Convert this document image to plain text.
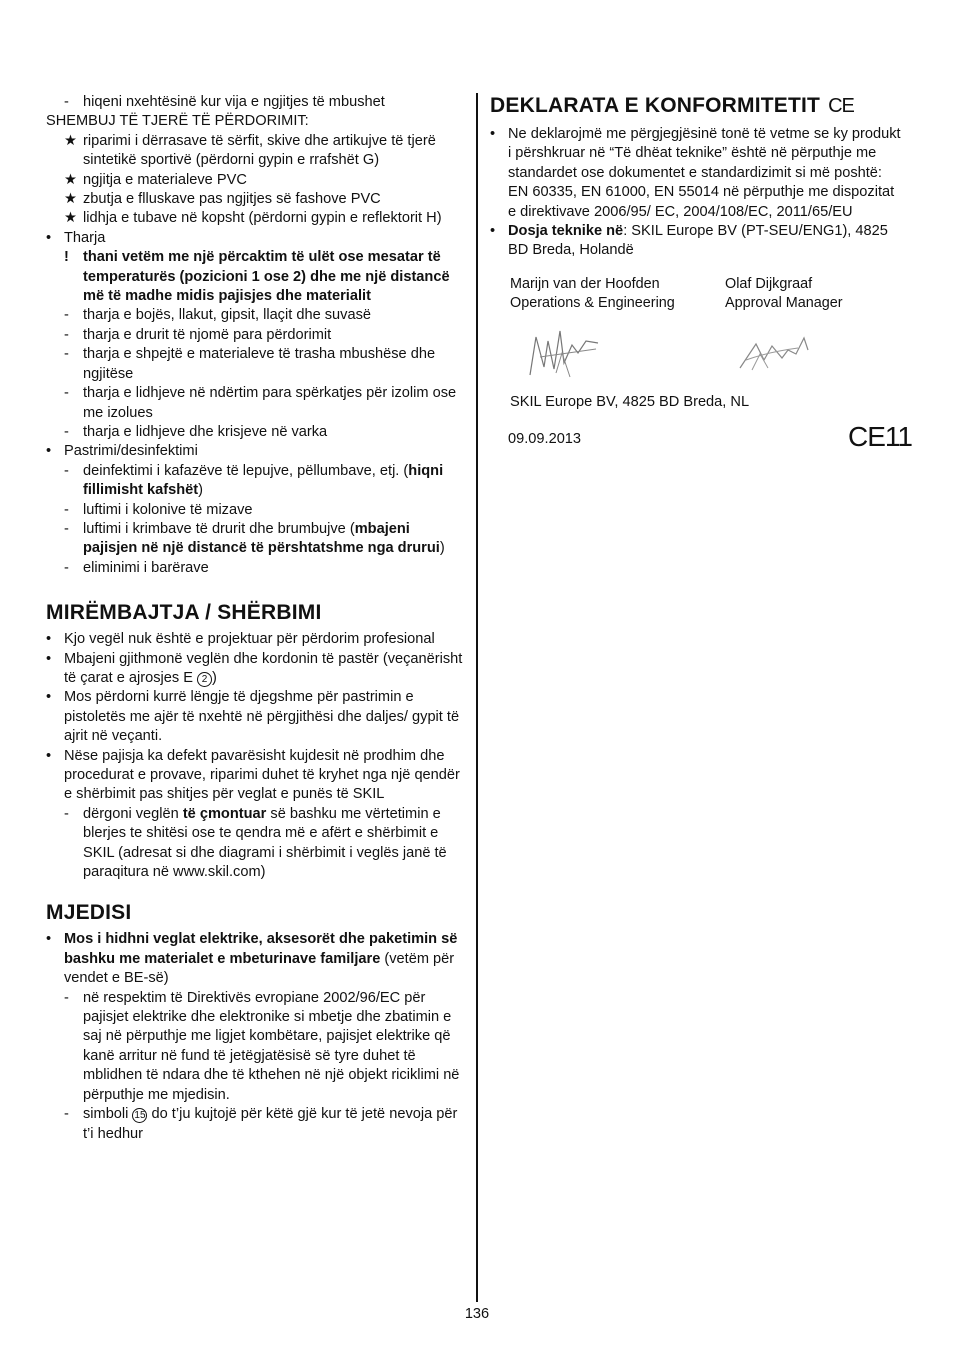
- hiqeni nxehtësinë kur vija e ngjitjes të mbushet

SHEMBUJ TË TJERË TË PËRDORIMIT:

★ riparimi i dërrasave të sërfit, skive dhe artikujve të tjerë sintetikë sportivë (përdorni gypin e rrafshët G)

★ ngjitja e materialeve PVC

★ zbutja e flluskave pas ngjitjes së fashove PVC

★ lidhja e tubave në kopsht (përdorni gypin e reflektorit H)

• Tharja

! thani vetëm me një përcaktim të ulët ose mesatar të temperaturës (pozicioni 1 ose 2) dhe me një distancë më të madhe midis pajisjes dhe materialit

- tharja e bojës, llakut, gipsit, llaçit dhe suvasë

- tharja e drurit të njomë para përdorimit

- tharja e shpejtë e materialeve të trasha mbushëse dhe ngjitëse

- tharja e lidhjeve në ndërtim para spërkatjes për izolim ose me izolues

- tharja e lidhjeve dhe krisjeve në varka

• Pastrimi/desinfektimi

- deinfektimi i kafazëve të lepujve, pëllumbave, etj. (hiqni fillimisht kafshët)

- luftimi i kolonive të mizave

- luftimi i krimbave të drurit dhe brumbujve (mbajeni pajisjen në një distancë të përshtatshme nga drurui)

- eliminimi i barërave

MIRËMBAJTJA / SHËRBIMI

• Kjo vegël nuk është e projektuar për përdorim profesional

• Mbajeni gjithmonë veglën dhe kordonin të pastër (veçanërisht të çarat e ajrosjes E 2 )

• Mos përdorni kurrë lëngje të djegshme për pastrimin e pistoletës me ajër të nxehtë në përgjithësi dhe daljes/ gypit të ajrit në veçanti.

• Nëse pajisja ka defekt pavarësisht kujdesit në prodhim dhe procedurat e provave, riparimi duhet të kryhet nga një qendër e shërbimit pas shitjes për veglat e punës të SKIL

- dërgoni veglën të çmontuar së bashku me vërtetimin e blerjes te shitësi ose te qendra më e afërt e shërbimit e SKIL (adresat si dhe diagrami i shërbimit i veglës janë të paraqitura në www.skil.com)

MJEDISI

• Mos i hidhni veglat elektrike, aksesorët dhe paketimin së bashku me materialet e mbeturinave familjare (vetëm për vendet e BE-së)

- në respektim të Direktivës evropiane 2002/96/EC për pajisjet elektrike dhe elektronike si mbetje dhe zbatimin e saj në përputhje me ligjet kombëtare, pajisjet elektrike që kanë arritur në fund të jetëgjatësisë së tyre duhet të mblidhen të ndara dhe të kthehen në një objekt riciklimi në përputhje me mjedisin.

- simboli 15 do t’ju kujtojë për këtë gjë kur të jetë nevoja për t’i hedhur

DEKLARATA E KONFORMITETIT CE

• Ne deklarojmë me përgjegjësinë tonë të vetme se ky produkt i përshkruar në “Të dhëat teknike” është në përputhje me standardet ose dokumentet e standardizimit si më poshtë: EN 60335, EN 61000, EN 55014 në përputhje me dispozitat e direktivave 2006/95/ EC, 2004/108/EC, 2011/65/EU

• Dosja teknike në: SKIL Europe BV (PT-SEU/ENG1), 4825 BD Breda, Holandë

Marijn van der Hoofden
Operations & Engineering
Olaf Dijkgraaf
Approval Manager

SKIL Europe BV, 4825 BD Breda, NL

09.09.2013	CE11
136
